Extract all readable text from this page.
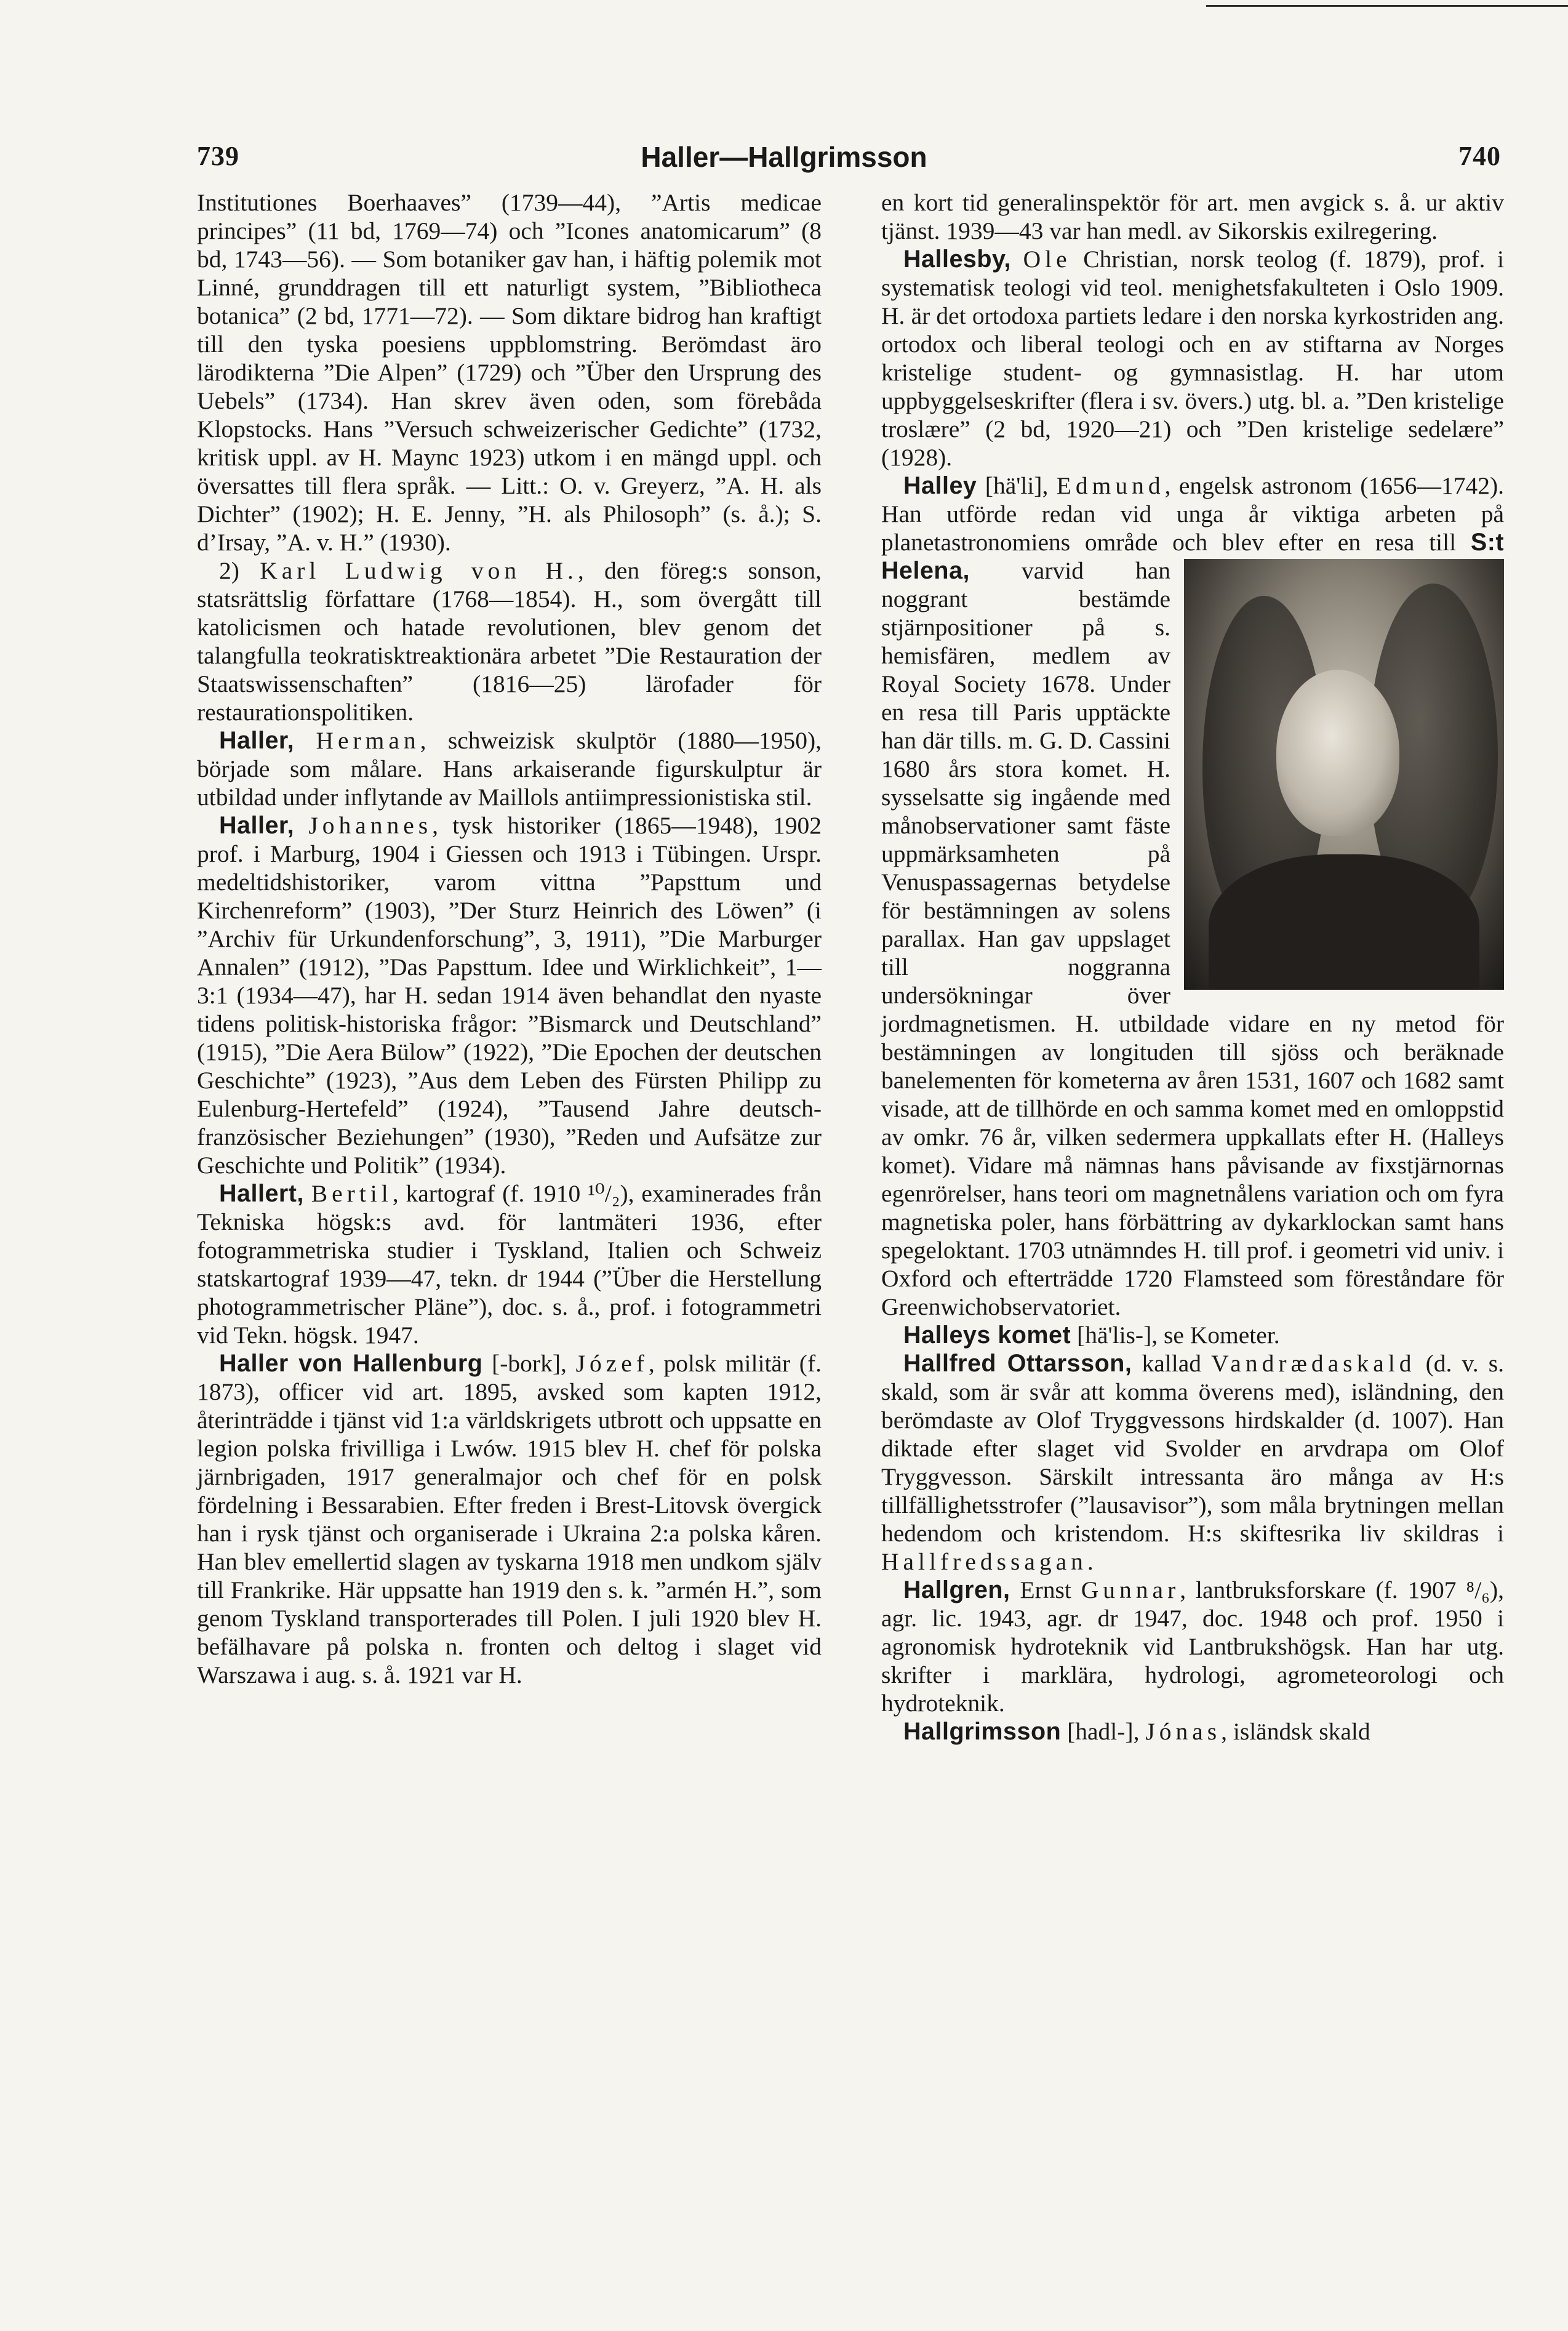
Haller—Hallgrimsson
739	740

Institutiones Boerhaaves” (1739—44), ”Artis medicae principes” (11 bd, 1769—74) och ”Icones anatomicarum” (8 bd, 1743—56). — Som botaniker gav han, i häftig polemik mot Linné, grunddragen till ett naturligt system, ”Bibliotheca botanica” (2 bd, 1771—72). — Som diktare bidrog han kraftigt till den tyska poesiens uppblomstring. Berömdast äro lärodikterna ”Die Alpen” (1729) och ”Über den Ursprung des Uebels” (1734). Han skrev även oden, som förebåda Klopstocks. Hans ”Versuch schweizerischer Gedichte” (1732, kritisk uppl. av H. Maync 1923) utkom i en mängd uppl. och översattes till flera språk. — Litt.: O. v. Greyerz, ”A. H. als Dichter” (1902); H. E. Jenny, ”H. als Philosoph” (s. å.); S. d’Irsay, ”A. v. H.” (1930).

2) Karl Ludwig von H., den föreg:s sonson, statsrättslig författare (1768—1854). H., som övergått till katolicismen och hatade revolutionen, blev genom det talangfulla teokratisktreaktionära arbetet ”Die Restauration der Staatswissenschaften” (1816—25) lärofader för restaurationspolitiken.

Haller, Herman, schweizisk skulptör (1880—1950), började som målare. Hans arkaiserande figurskulptur är utbildad under inflytande av Maillols antiimpressionistiska stil.

Haller, Johannes, tysk historiker (1865—1948), 1902 prof. i Marburg, 1904 i Giessen och 1913 i Tübingen. Urspr. medeltidshistoriker, varom vittna ”Papsttum und Kirchenreform” (1903), ”Der Sturz Heinrich des Löwen” (i ”Archiv für Urkundenforschung”, 3, 1911), ”Die Marburger Annalen” (1912), ”Das Papsttum. Idee und Wirklichkeit”, 1—3:1 (1934—47), har H. sedan 1914 även behandlat den nyaste tidens politisk-historiska frågor: ”Bismarck und Deutschland” (1915), ”Die Aera Bülow” (1922), ”Die Epochen der deutschen Geschichte” (1923), ”Aus dem Leben des Fürsten Philipp zu Eulenburg-Hertefeld” (1924), ”Tausend Jahre deutsch-französischer Beziehungen” (1930), ”Reden und Aufsätze zur Geschichte und Politik” (1934).

Hallert, Bertil, kartograf (f. 1910 ¹⁰/₂), examinerades från Tekniska högsk:s avd. för lantmäteri 1936, efter fotogrammetriska studier i Tyskland, Italien och Schweiz statskartograf 1939—47, tekn. dr 1944 (”Über die Herstellung photogrammetrischer Pläne”), doc. s. å., prof. i fotogrammetri vid Tekn. högsk. 1947.

Haller von Hallenburg [-bork], Józef, polsk militär (f. 1873), officer vid art. 1895, avsked som kapten 1912, återinträdde i tjänst vid 1:a världskrigets utbrott och uppsatte en legion polska frivilliga i Lwów. 1915 blev H. chef för polska järnbrigaden, 1917 generalmajor och chef för en polsk fördelning i Bessarabien. Efter freden i Brest-Litovsk övergick han i rysk tjänst och organiserade i Ukraina 2:a polska kåren. Han blev emellertid slagen av tyskarna 1918 men undkom själv till Frankrike. Här uppsatte han 1919 den s. k. ”armén H.”, som genom Tyskland transporterades till Polen. I juli 1920 blev H. befälhavare på polska n. fronten och deltog i slaget vid Warszawa i aug. s. å. 1921 var H.

en kort tid generalinspektör för art. men avgick s. å. ur aktiv tjänst. 1939—43 var han medl. av Sikorskis exilregering.

Hallesby, Ole Christian, norsk teolog (f. 1879), prof. i systematisk teologi vid teol. menighetsfakulteten i Oslo 1909. H. är det ortodoxa partiets ledare i den norska kyrkostriden ang. ortodox och liberal teologi och en av stiftarna av Norges kristelige student- og gymnasistlag. H. har utom uppbyggelseskrifter (flera i sv. övers.) utg. bl. a. ”Den kristelige troslære” (2 bd, 1920—21) och ”Den kristelige sedelære” (1928).

Halley [hä'li], Edmund, engelsk astronom (1656—1742). Han utförde redan vid unga år viktiga arbeten på planetastronomiens område och blev efter en resa till
S:t Helena, varvid han noggrant bestämde stjärnpositioner på s. hemisfären, medlem av Royal Society 1678. Under en resa till Paris upptäckte han där tills. m. G. D. Cassini 1680 års stora komet. H. sysselsatte sig ingående med månobservationer samt fäste uppmärksamheten på Venuspassagernas betydelse för bestämningen av solens parallax. Han gav uppslaget till noggranna undersökningar över jordmagnetismen. H. utbildade vidare en ny metod för bestämningen av longituden till sjöss och beräknade banelementen för kometerna av åren 1531, 1607 och 1682 samt visade, att de tillhörde en och samma komet med en omloppstid av omkr. 76 år, vilken sedermera uppkallats efter H. (Halleys komet). Vidare må nämnas hans påvisande av fixstjärnornas egenrörelser, hans teori om magnetnålens variation och om fyra magnetiska poler, hans förbättring av dykarklockan samt hans spegeloktant. 1703 utnämndes H. till prof. i geometri vid univ. i Oxford och efterträdde 1720 Flamsteed som föreståndare för Greenwichobservatoriet.

Halleys komet [hä'lis-], se Kometer.

Hallfred Ottarsson, kallad Vandrædaskald (d. v. s. skald, som är svår att komma överens med), isländning, den berömdaste av Olof Tryggvessons hirdskalder (d. 1007). Han diktade efter slaget vid Svolder en arvdrapa om Olof Tryggvesson. Särskilt intressanta äro många av H:s tillfällighetsstrofer (”lausavisor”), som måla brytningen mellan hedendom och kristendom. H:s skiftesrika liv skildras i Hallfredssagan.

Hallgren, Ernst Gunnar, lantbruksforskare (f. 1907 ⁸/₆), agr. lic. 1943, agr. dr 1947, doc. 1948 och prof. 1950 i agronomisk hydroteknik vid Lantbrukshögsk. Han har utg. skrifter i marklära, hydrologi, agrometeorologi och hydroteknik.

Hallgrimsson [hadl-], Jónas, isländsk skald
